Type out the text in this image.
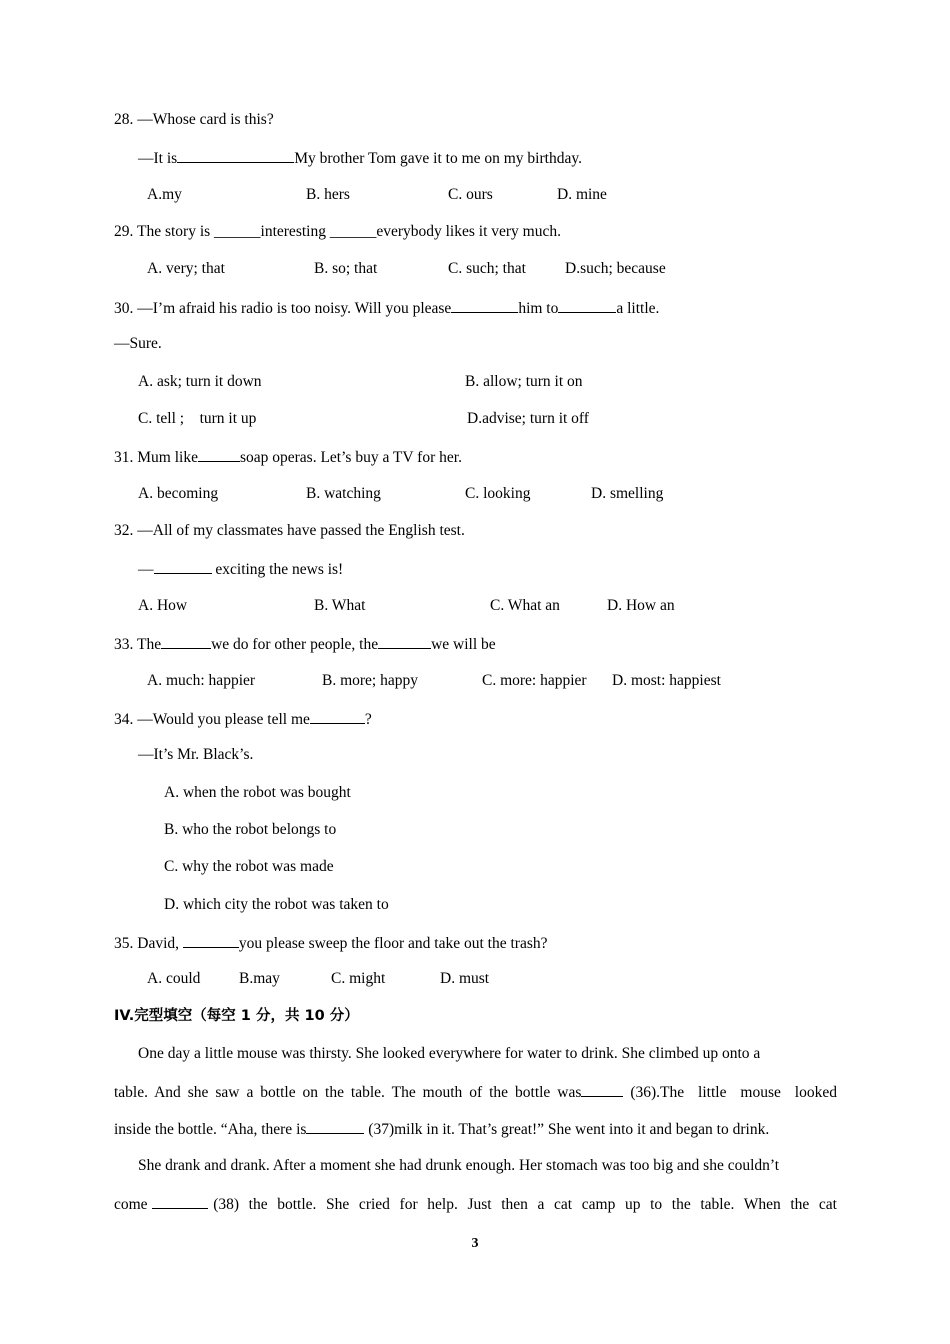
28. —Whose card is this?
—It is	My brother Tom gave it to me on my birthday.
A.my	B. hers	C. ours	D. mine
29. The story is ______interesting ______everybody likes it very much.
A. very; that	B. so; that	C. such; that	D.such; because
30. —I’m afraid his radio is too noisy. Will you please	him to	a little.
—Sure.
A. ask; turn it down	B. allow; turn it on
C. tell ;    turn it up	D.advise; turn it off
31. Mum like	soap operas. Let’s buy a TV for her.
A. becoming	B. watching	C. looking	D. smelling
32. —All of my classmates have passed the English test.
—	exciting the news is!
A. How	B. What	C. What an	D. How an
33. The	we do for other people, the	we will be
A. much: happier	B. more; happy	C. more: happier D. most: happiest
34. —Would you please tell me	?
—It’s Mr. Black’s.
A. when the robot was bought
B. who the robot belongs to
C. why the robot was made
D. which city the robot was taken to
35. David,	you please sweep the floor and take out the trash?
A. could B.may	C. might	D. must
IV.完型填空（每空 1 分，共 10 分）
One day a little mouse was thirsty. She looked everywhere for water to drink. She climbed up onto a
table. And she saw a bottle on the table. The mouth of the bottle was	(36).The  little  mouse  looked
inside the bottle. “Aha, there is	(37)milk in it. That’s great!” She went into it and began to drink.
She drank and drank. After a moment she had drunk enough. Her stomach was too big and she couldn’t
come	(38)  the  bottle.  She  cried  for  help.  Just  then  a  cat  camp  up  to  the  table.  When  the  cat
3
